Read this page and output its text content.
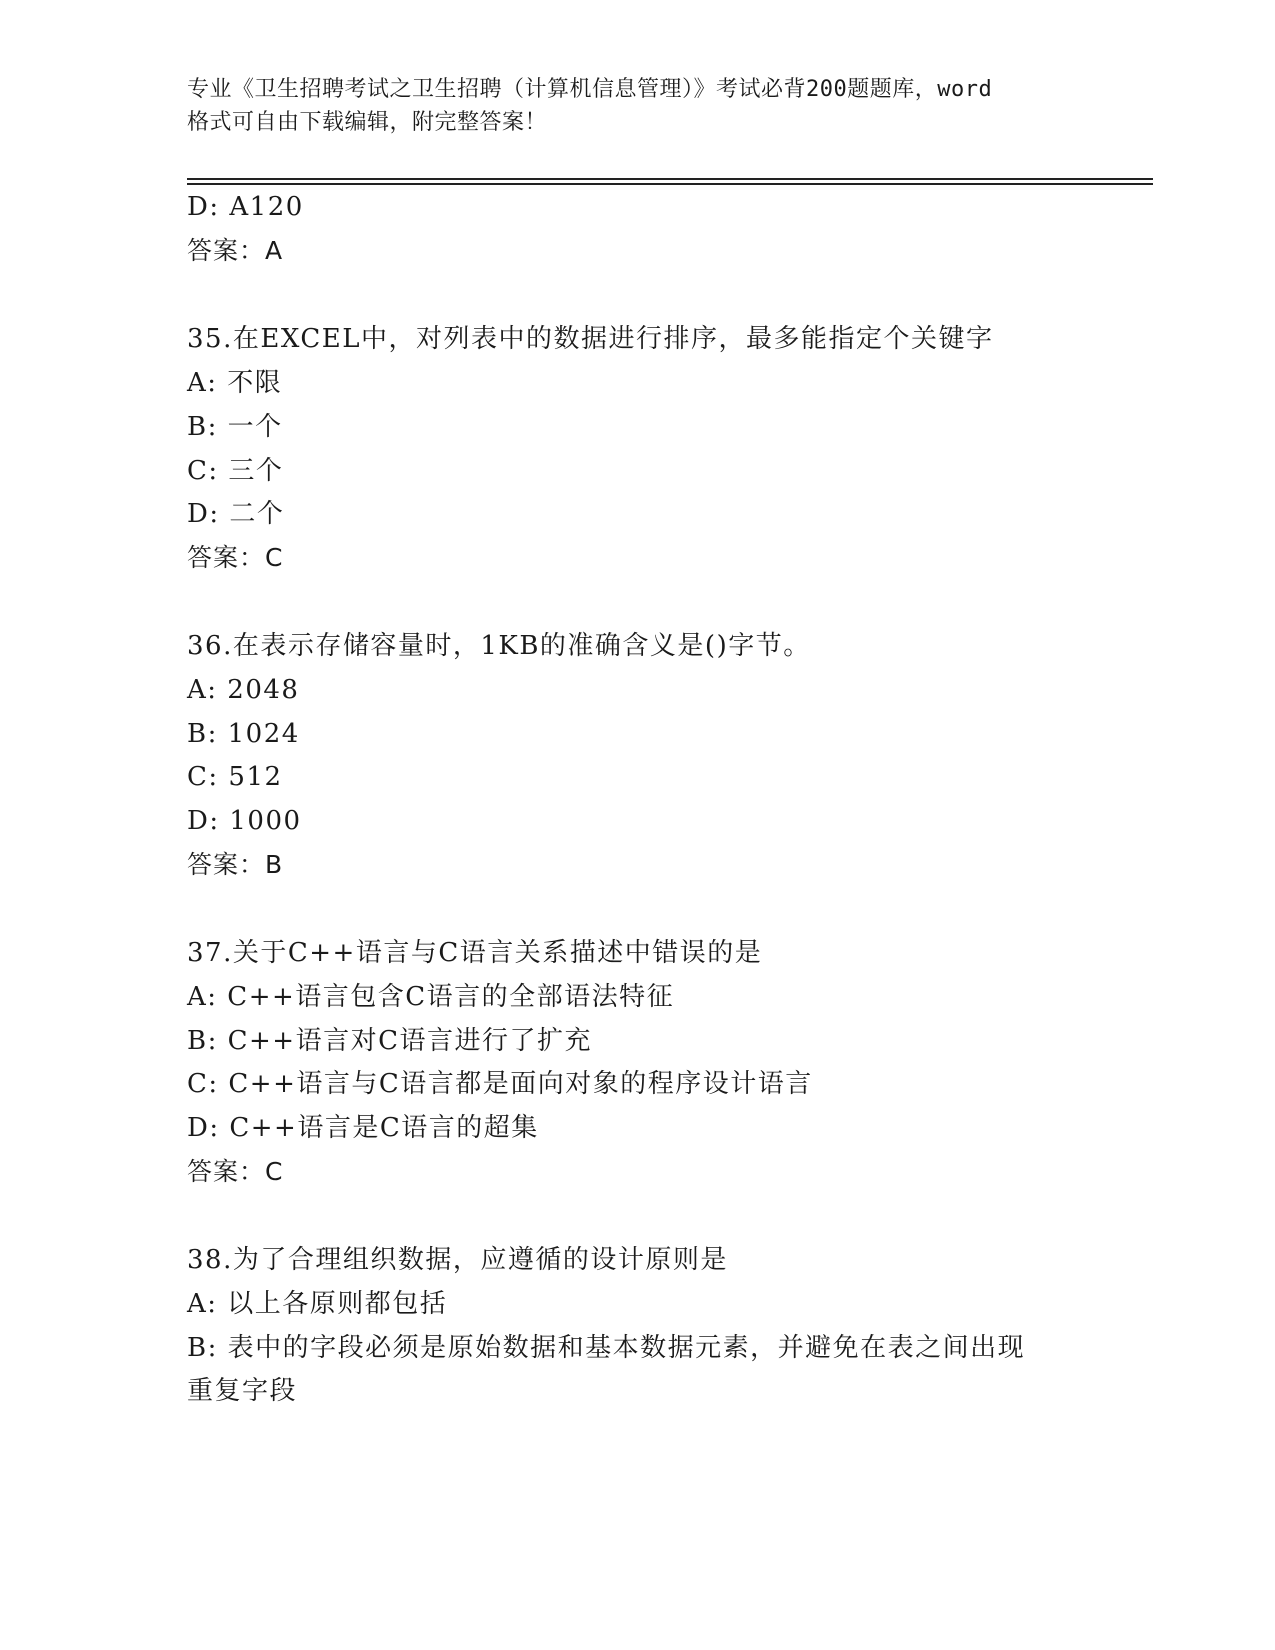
专业《卫生招聘考试之卫生招聘（计算机信息管理）》考试必背200题题库，word
格式可自由下载编辑，附完整答案！
D: A120
答案：A
35.在EXCEL中，对列表中的数据进行排序，最多能指定个关键字
A: 不限
B: 一个
C: 三个
D: 二个
答案：C
36.在表示存储容量时，1KB的准确含义是()字节。
A: 2048
B: 1024
C: 512
D: 1000
答案：B
37.关于C++语言与C语言关系描述中错误的是
A: C++语言包含C语言的全部语法特征
B: C++语言对C语言进行了扩充
C: C++语言与C语言都是面向对象的程序设计语言
D: C++语言是C语言的超集
答案：C
38.为了合理组织数据，应遵循的设计原则是
A: 以上各原则都包括
B: 表中的字段必须是原始数据和基本数据元素，并避免在表之间出现
重复字段
